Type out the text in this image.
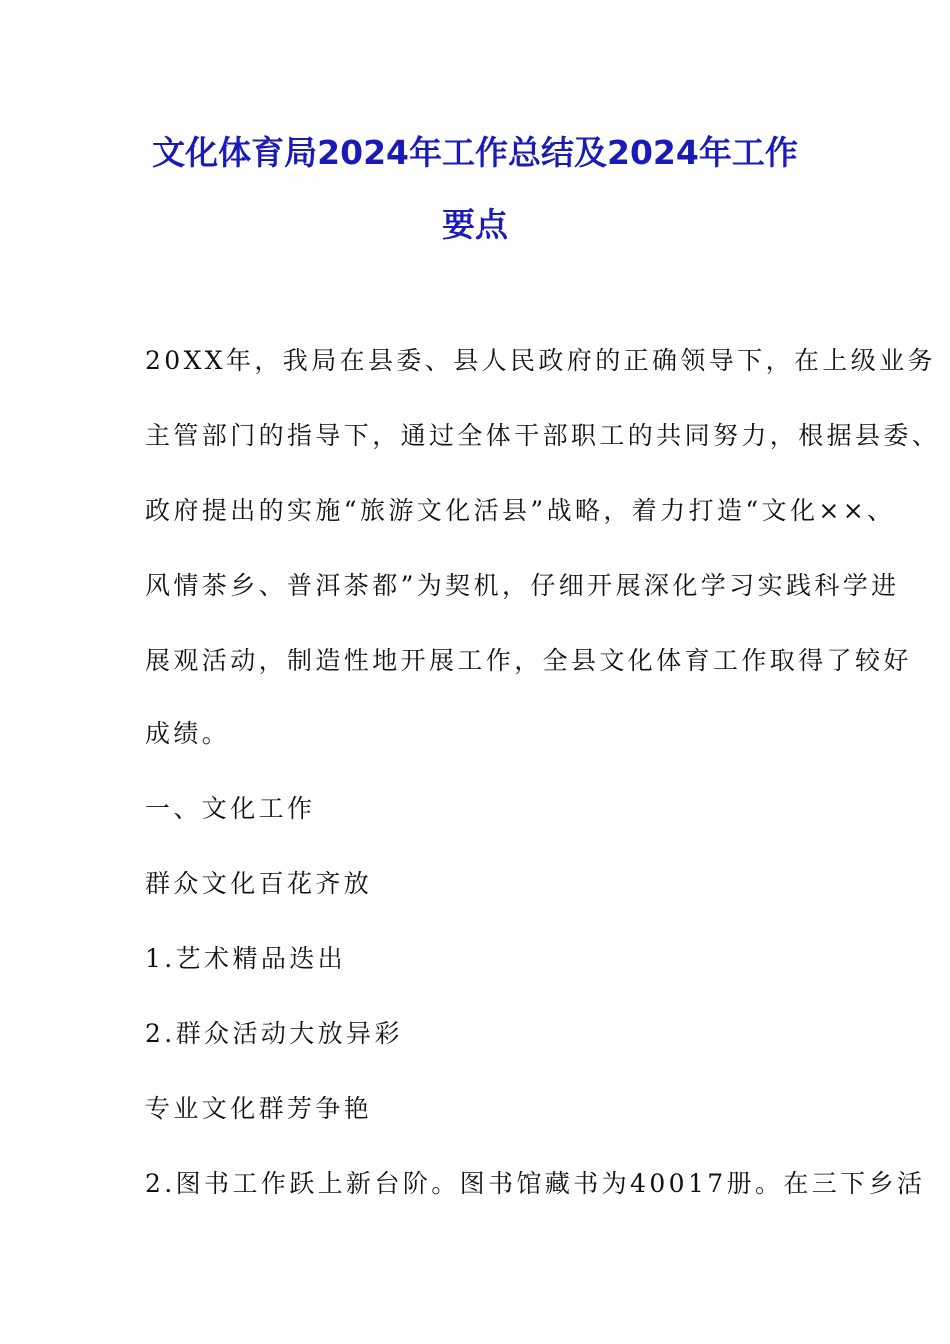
文化体育局2024年工作总结及2024年工作
要点
20XX年，我局在县委、县人民政府的正确领导下，在上级业务
主管部门的指导下，通过全体干部职工的共同努力，根据县委、
政府提出的实施“旅游文化活县”战略，着力打造“文化××、
风情茶乡、普洱茶都”为契机，仔细开展深化学习实践科学进
展观活动，制造性地开展工作，全县文化体育工作取得了较好
成绩。
一、文化工作
群众文化百花齐放
1.艺术精品迭出
2.群众活动大放异彩
专业文化群芳争艳
2.图书工作跃上新台阶。图书馆藏书为40017册。在三下乡活
